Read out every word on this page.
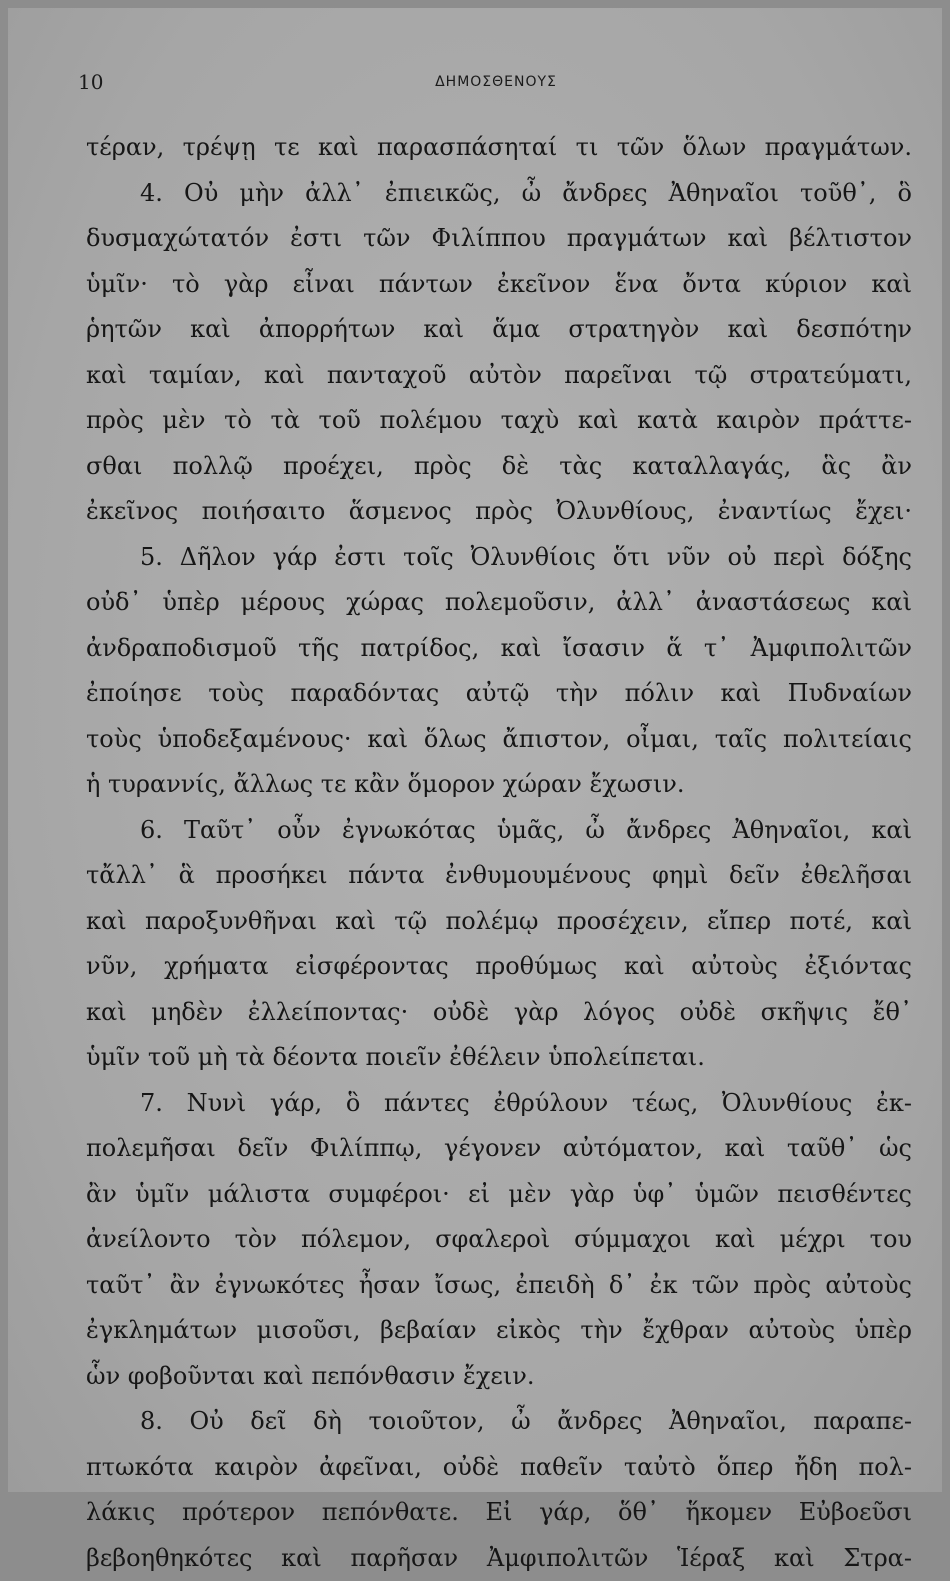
10	ΔΗΜΟΣΘΕΝΟΥΣ
τέραν, τρέψῃ τε καὶ παρασπάσηταί τι τῶν ὅλων πραγμάτων.
4. Οὐ μὴν ἀλλ᾽ ἐπιεικῶς, ὦ ἄνδρες Ἀθηναῖοι τοῦθ᾽, ὃ
δυσμαχώτατόν ἐστι τῶν Φιλίππου πραγμάτων καὶ βέλτιστον
ὑμῖν· τὸ γὰρ εἶναι πάντων ἐκεῖνον ἕνα ὄντα κύριον καὶ
ῥητῶν καὶ ἀπορρήτων καὶ ἅμα στρατηγὸν καὶ δεσπότην
καὶ ταμίαν, καὶ πανταχοῦ αὐτὸν παρεῖναι τῷ στρατεύματι,
πρὸς μὲν τὸ τὰ τοῦ πολέμου ταχὺ καὶ κατὰ καιρὸν πράττε-
σθαι πολλῷ προέχει, πρὸς δὲ τὰς καταλλαγάς, ἃς ἂν
ἐκεῖνος ποιήσαιτο ἅσμενος πρὸς Ὀλυνθίους, ἐναντίως ἔχει·
5. Δῆλον γάρ ἐστι τοῖς Ὀλυνθίοις ὅτι νῦν οὐ περὶ δόξης
οὐδ᾽ ὑπὲρ μέρους χώρας πολεμοῦσιν, ἀλλ᾽ ἀναστάσεως καὶ
ἀνδραποδισμοῦ τῆς πατρίδος, καὶ ἴσασιν ἅ τ᾽ Ἀμφιπολιτῶν
ἐποίησε τοὺς παραδόντας αὐτῷ τὴν πόλιν καὶ Πυδναίων
τοὺς ὑποδεξαμένους· καὶ ὅλως ἄπιστον, οἶμαι, ταῖς πολιτείαις
ἡ τυραννίς, ἄλλως τε κἂν ὅμορον χώραν ἔχωσιν.
6. Ταῦτ᾽ οὖν ἐγνωκότας ὑμᾶς, ὦ ἄνδρες Ἀθηναῖοι, καὶ
τἄλλ᾽ ἃ προσήκει πάντα ἐνθυμουμένους φημὶ δεῖν ἐθελῆσαι
καὶ παροξυνθῆναι καὶ τῷ πολέμῳ προσέχειν, εἴπερ ποτέ, καὶ
νῦν, χρήματα εἰσφέροντας προθύμως καὶ αὐτοὺς ἐξιόντας
καὶ μηδὲν ἐλλείποντας· οὐδὲ γὰρ λόγος οὐδὲ σκῆψις ἔθ᾽
ὑμῖν τοῦ μὴ τὰ δέοντα ποιεῖν ἐθέλειν ὑπολείπεται.
7. Νυνὶ γάρ, ὃ πάντες ἐθρύλουν τέως, Ὀλυνθίους ἐκ-
πολεμῆσαι δεῖν Φιλίππῳ, γέγονεν αὐτόματον, καὶ ταῦθ᾽ ὡς
ἂν ὑμῖν μάλιστα συμφέροι· εἰ μὲν γὰρ ὑφ᾽ ὑμῶν πεισθέντες
ἀνείλοντο τὸν πόλεμον, σφαλεροὶ σύμμαχοι καὶ μέχρι του
ταῦτ᾽ ἂν ἐγνωκότες ἦσαν ἴσως, ἐπειδὴ δ᾽ ἐκ τῶν πρὸς αὐτοὺς
ἐγκλημάτων μισοῦσι, βεβαίαν εἰκὸς τὴν ἔχθραν αὐτοὺς ὑπὲρ
ὧν φοβοῦνται καὶ πεπόνθασιν ἔχειν.
8. Οὐ δεῖ δὴ τοιοῦτον, ὦ ἄνδρες Ἀθηναῖοι, παραπε-
πτωκότα καιρὸν ἀφεῖναι, οὐδὲ παθεῖν ταὐτὸ ὅπερ ἤδη πολ-
λάκις πρότερον πεπόνθατε. Εἰ γάρ, ὅθ᾽ ἥκομεν Εὐβοεῦσι
βεβοηθηκότες καὶ παρῆσαν Ἀμφιπολιτῶν Ἱέραξ καὶ Στρα-
